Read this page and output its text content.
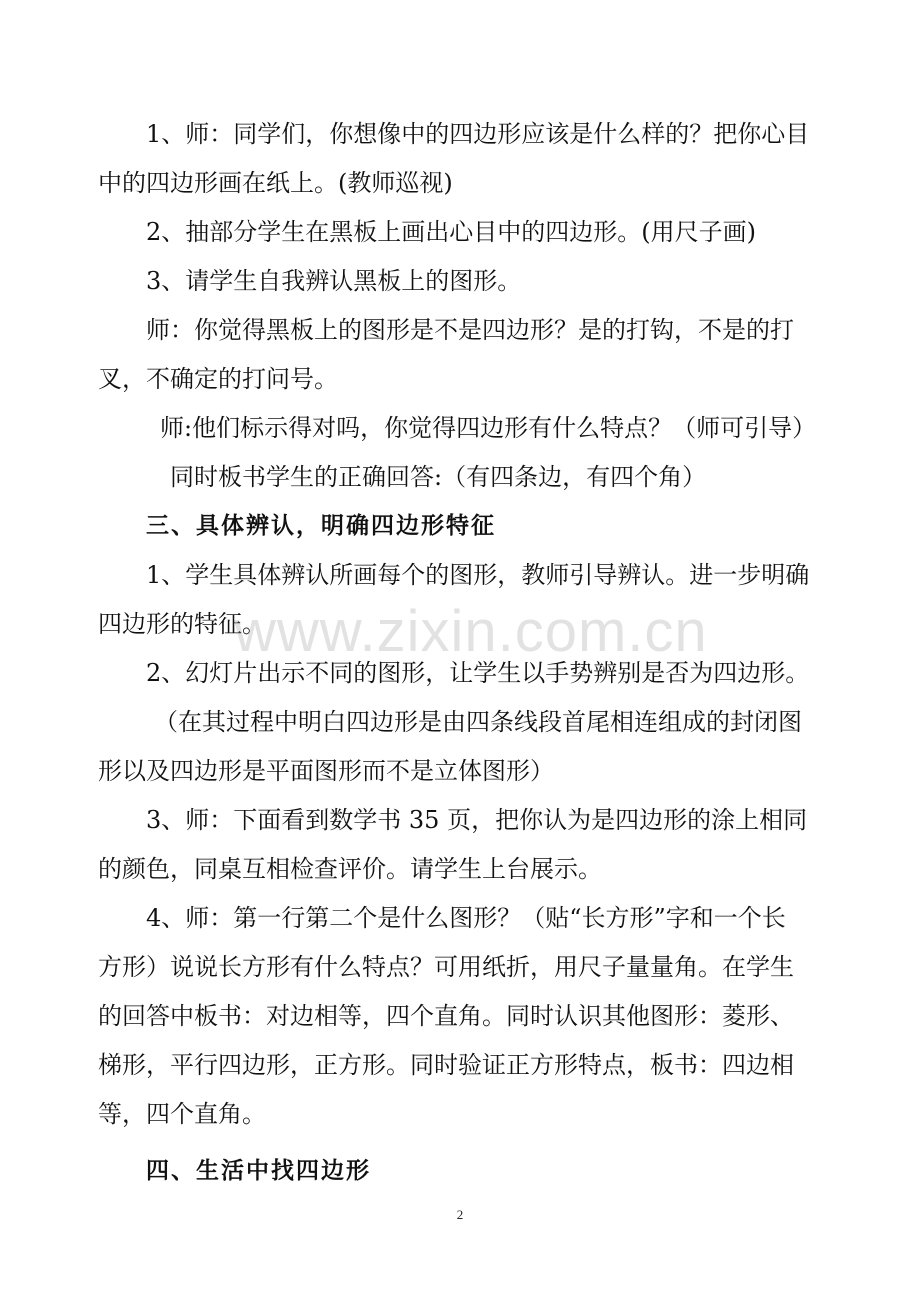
1、师：同学们，你想像中的四边形应该是什么样的？把你心目

中的四边形画在纸上。(教师巡视)

2、抽部分学生在黑板上画出心目中的四边形。(用尺子画)

3、请学生自我辨认黑板上的图形。

师：你觉得黑板上的图形是不是四边形？是的打钩，不是的打

叉，不确定的打问号。

师:他们标示得对吗，你觉得四边形有什么特点？（师可引导）

同时板书学生的正确回答:（有四条边，有四个角）

三、具体辨认，明确四边形特征

1、学生具体辨认所画每个的图形，教师引导辨认。进一步明确

四边形的特征。

2、幻灯片出示不同的图形，让学生以手势辨别是否为四边形。

（在其过程中明白四边形是由四条线段首尾相连组成的封闭图

形以及四边形是平面图形而不是立体图形）

3、师：下面看到数学书 35 页，把你认为是四边形的涂上相同

的颜色，同桌互相检查评价。请学生上台展示。

4、师：第一行第二个是什么图形？（贴“长方形”字和一个长

方形）说说长方形有什么特点？可用纸折，用尺子量量角。在学生

的回答中板书：对边相等，四个直角。同时认识其他图形：菱形、

梯形，平行四边形，正方形。同时验证正方形特点，板书：四边相

等，四个直角。

四、生活中找四边形

www.zixin.com.cn
2
